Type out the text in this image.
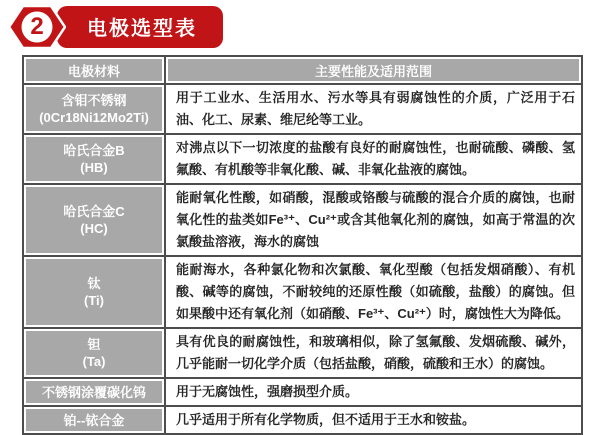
2	电极选型表
电极材料	主要性能及适用范围
含钼不锈钢
(0Cr18Ni12Mo2Ti)	用于工业水、生活用水、污水等具有弱腐蚀性的介质，广泛用于石油、化工、尿素、维尼纶等工业。
哈氏合金B
(HB)	对沸点以下一切浓度的盐酸有良好的耐腐蚀性，也耐硫酸、磷酸、氢氟酸、有机酸等非氧化酸、碱、非氧化盐液的腐蚀。
哈氏合金C
(HC)	能耐氧化性酸，如硝酸，混酸或铬酸与硫酸的混合介质的腐蚀，也耐氧化性的盐类如Fe³⁺、Cu²⁺或含其他氧化剂的腐蚀，如高于常温的次氯酸盐溶液，海水的腐蚀
钛
(Ti)	能耐海水，各种氯化物和次氯酸、氧化型酸（包括发烟硝酸）、有机酸、碱等的腐蚀，不耐较纯的还原性酸（如硫酸，盐酸）的腐蚀。但如果酸中还有氧化剂（如硝酸、Fe³⁺、Cu²⁺）时，腐蚀性大为降低。
钽
(Ta)	具有优良的耐腐蚀性，和玻璃相似，除了氢氟酸、发烟硫酸、碱外，几乎能耐一切化学介质（包括盐酸，硝酸，硫酸和王水）的腐蚀。
不锈钢涂覆碳化钨	用于无腐蚀性，强磨损型介质。
铂--铱合金	几乎适用于所有化学物质，但不适用于王水和铵盐。
